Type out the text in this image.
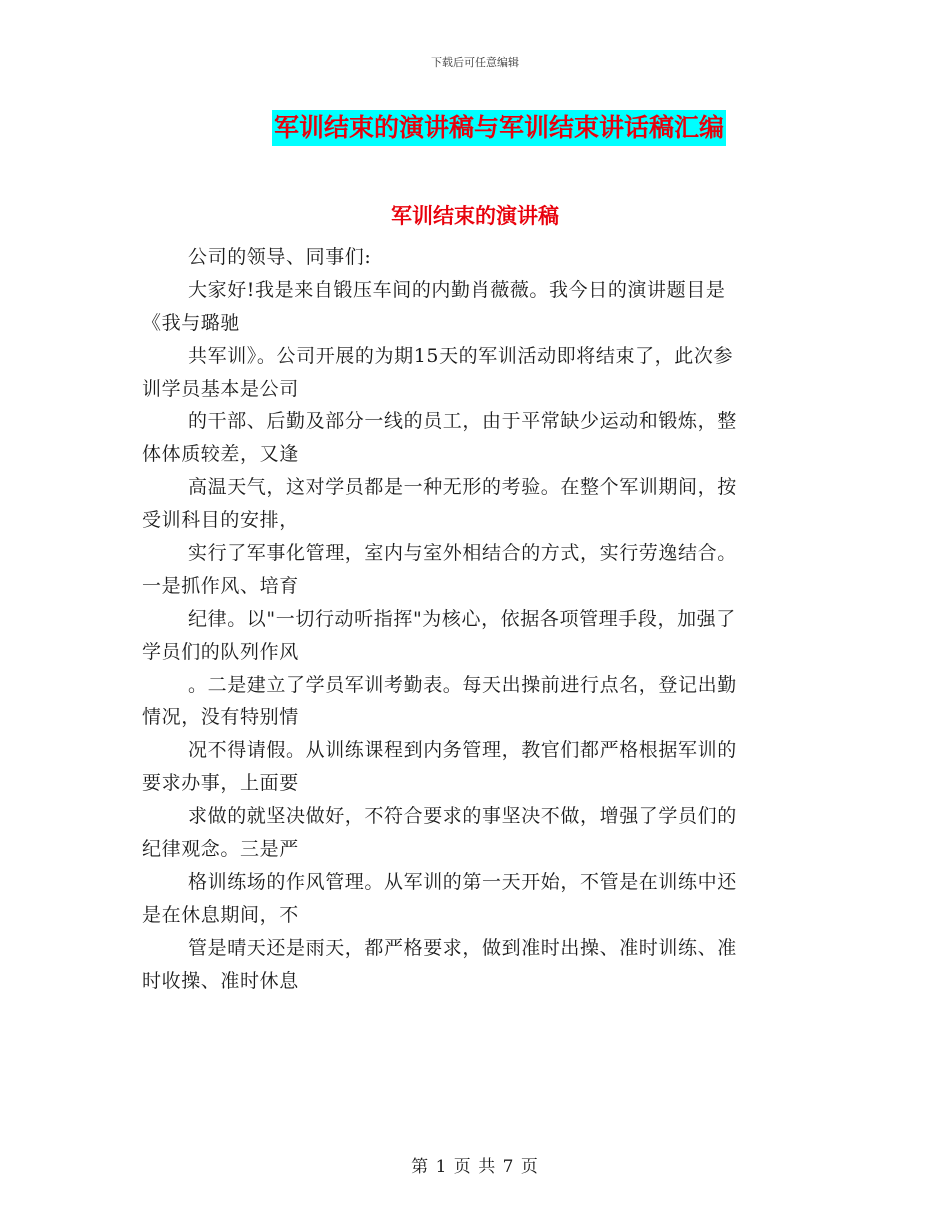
下载后可任意编辑
军训结束的演讲稿与军训结束讲话稿汇编
军训结束的演讲稿
公司的领导、同事们:
大家好!我是来自锻压车间的内勤肖薇薇。我今日的演讲题目是
《我与璐驰
共军训》。公司开展的为期15天的军训活动即将结束了，此次参
训学员基本是公司
的干部、后勤及部分一线的员工，由于平常缺少运动和锻炼，整
体体质较差，又逢
高温天气，这对学员都是一种无形的考验。在整个军训期间，按
受训科目的安排，
实行了军事化管理，室内与室外相结合的方式，实行劳逸结合。
一是抓作风、培育
纪律。以"一切行动听指挥"为核心，依据各项管理手段，加强了
学员们的队列作风
。二是建立了学员军训考勤表。每天出操前进行点名，登记出勤
情况，没有特别情
况不得请假。从训练课程到内务管理，教官们都严格根据军训的
要求办事，上面要
求做的就坚决做好，不符合要求的事坚决不做，增强了学员们的
纪律观念。三是严
格训练场的作风管理。从军训的第一天开始，不管是在训练中还
是在休息期间，不
管是晴天还是雨天，都严格要求，做到准时出操、准时训练、准
时收操、准时休息
第 1 页 共 7 页
